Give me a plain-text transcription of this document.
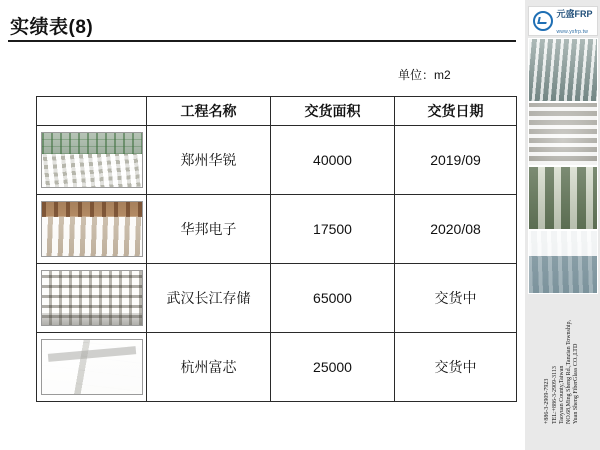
实绩表(8)
单位：m2
	工程名称	交货面积	交货日期

	郑州华锐	40000	2019/09

	华邦电子	17500	2020/08

	武汉长江存储	65000	交货中

	杭州富芯	25000	交货中
元盛FRP
www.ysfrp.tw
Yuan Sheng FiberGlass CO.,LTD
NO.68,Ming Sheng Rd.,Tanzian Township,
Taoyuan County,Taiwan
TEL:+886-3-2909-3113
+886-3-2909-7923
